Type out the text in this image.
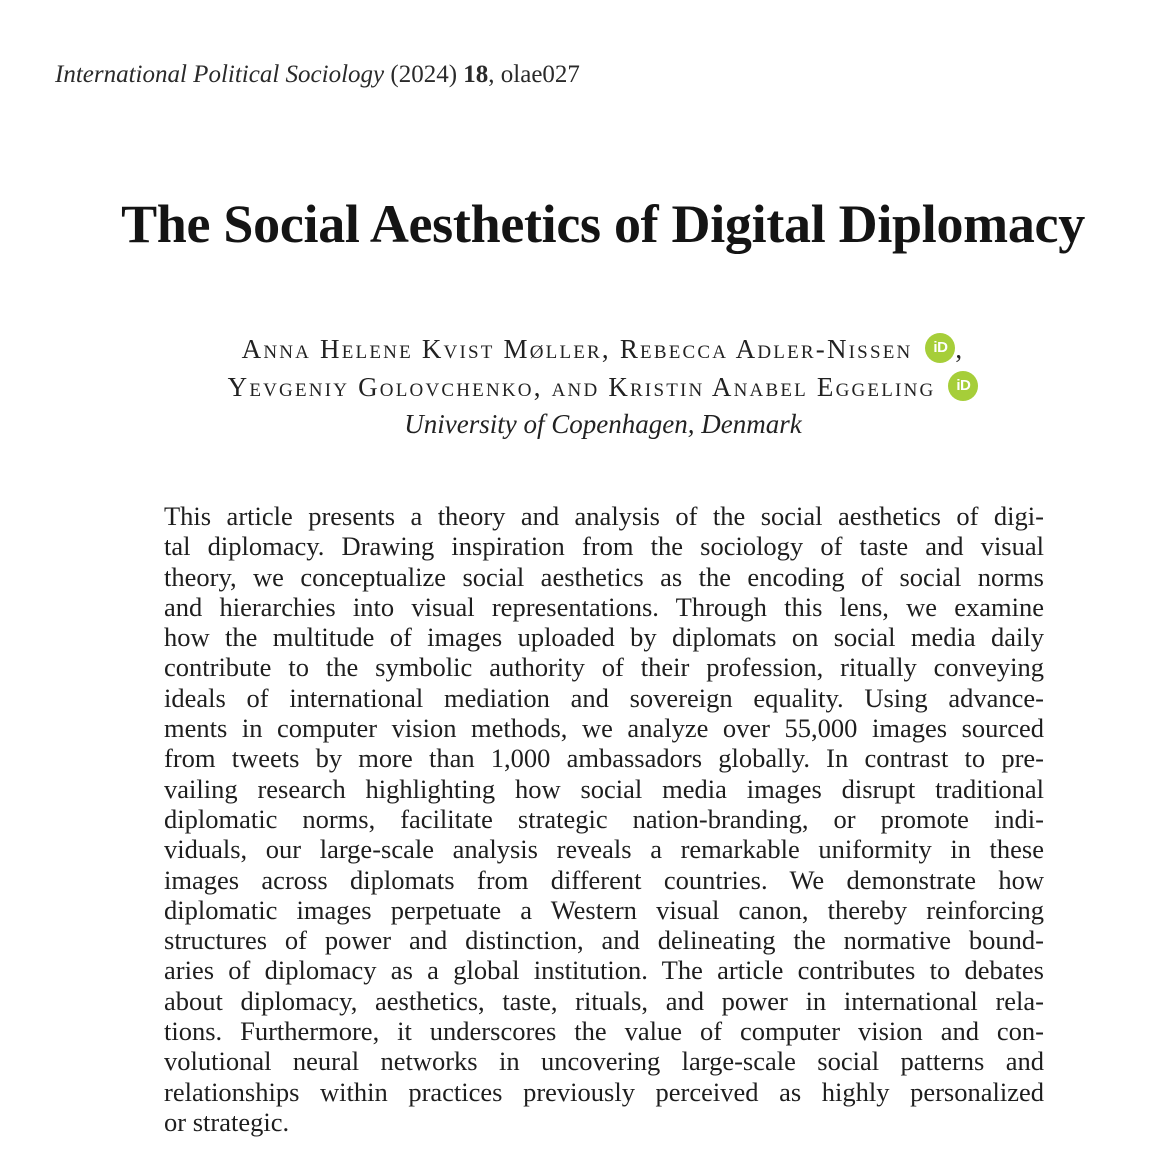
International Political Sociology (2024) 18, olae027
The Social Aesthetics of Digital Diplomacy
Anna Helene Kvist Møller, Rebecca Adler-Nissen iD ,
Yevgeniy Golovchenko, and Kristin Anabel Eggeling iD
University of Copenhagen, Denmark
This article presents a theory and analysis of the social aesthetics of digi-
tal diplomacy. Drawing inspiration from the sociology of taste and visual
theory, we conceptualize social aesthetics as the encoding of social norms
and hierarchies into visual representations. Through this lens, we examine
how the multitude of images uploaded by diplomats on social media daily
contribute to the symbolic authority of their profession, ritually conveying
ideals of international mediation and sovereign equality. Using advance-
ments in computer vision methods, we analyze over 55,000 images sourced
from tweets by more than 1,000 ambassadors globally. In contrast to pre-
vailing research highlighting how social media images disrupt traditional
diplomatic norms, facilitate strategic nation-branding, or promote indi-
viduals, our large-scale analysis reveals a remarkable uniformity in these
images across diplomats from different countries. We demonstrate how
diplomatic images perpetuate a Western visual canon, thereby reinforcing
structures of power and distinction, and delineating the normative bound-
aries of diplomacy as a global institution. The article contributes to debates
about diplomacy, aesthetics, taste, rituals, and power in international rela-
tions. Furthermore, it underscores the value of computer vision and con-
volutional neural networks in uncovering large-scale social patterns and
relationships within practices previously perceived as highly personalized
or strategic.
